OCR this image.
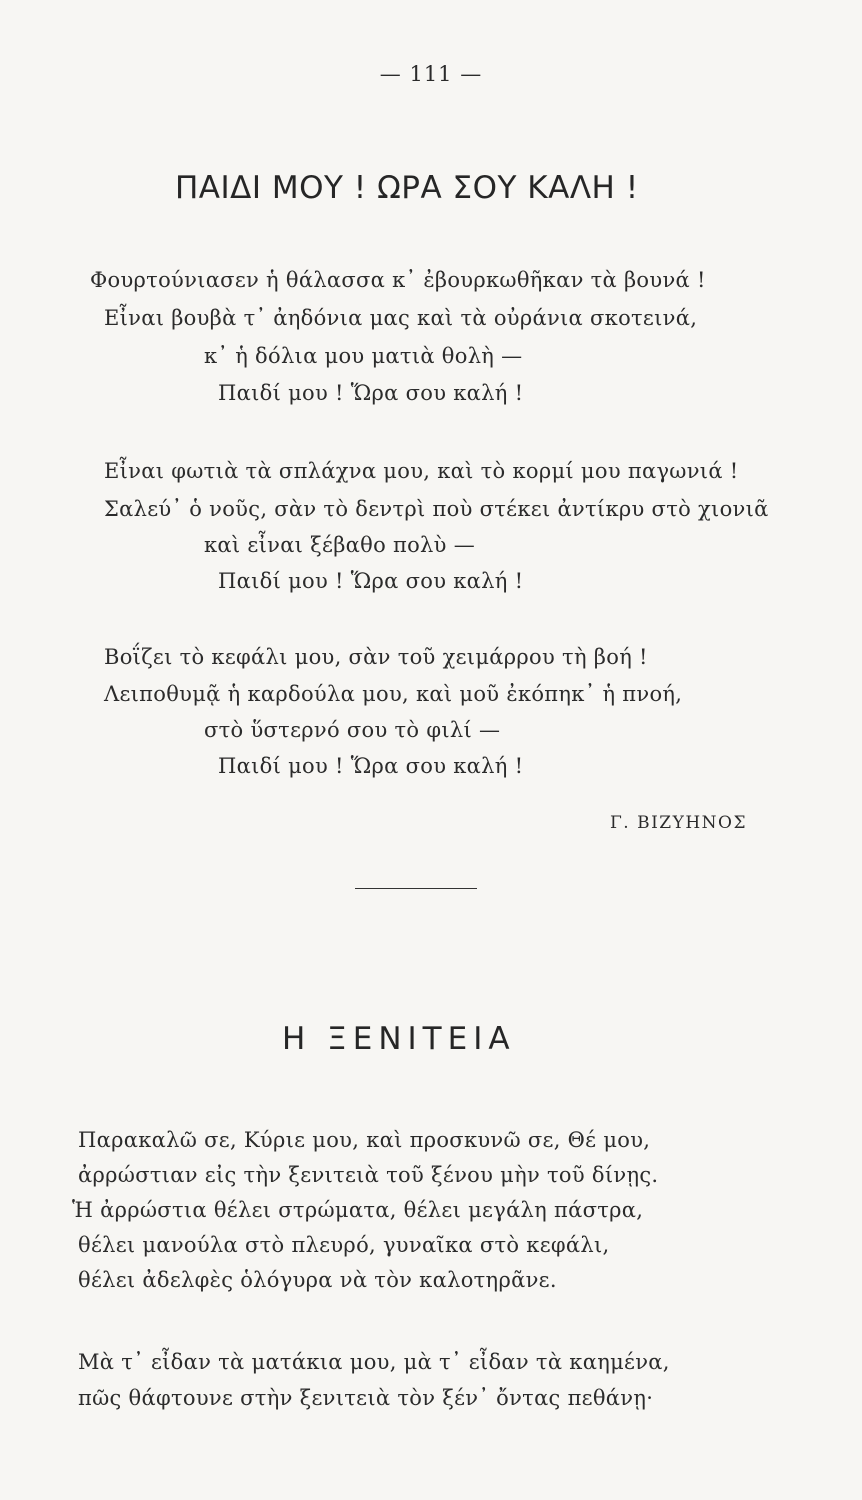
— 111 —
ΠΑΙΔΙ ΜΟΥ ! ΩΡΑ ΣΟΥ ΚΑΛΗ !
Φουρτούνιασεν ἡ θάλασσα κ᾿ ἐβουρκωθῆκαν τὰ βουνά !
Εἶναι βουβὰ τ᾿ ἀηδόνια μας καὶ τὰ οὐράνια σκοτεινά,
κ᾿ ἡ δόλια μου ματιὰ θολὴ —
Παιδί μου ! Ὥρα σου καλή !
Εἶναι φωτιὰ τὰ σπλάχνα μου, καὶ τὸ κορμί μου παγωνιά !
Σαλεύ᾿ ὁ νοῦς, σὰν τὸ δεντρὶ ποὺ στέκει ἀντίκρυ στὸ χιονιᾶ
καὶ εἶναι ξέβαθο πολὺ —
Παιδί μου ! Ὥρα σου καλή !
Βοΐζει τὸ κεφάλι μου, σὰν τοῦ χειμάρρου τὴ βοή !
Λειποθυμᾷ ἡ καρδούλα μου, καὶ μοῦ ἐκόπηκ᾿ ἡ πνοή,
στὸ ὕστερνό σου τὸ φιλί —
Παιδί μου ! Ὥρα σου καλή !
Γ. ΒΙΖΥΗΝΟΣ
Η ΞΕΝΙΤΕΙΑ
Παρακαλῶ σε, Κύριε μου, καὶ προσκυνῶ σε, Θέ μου,
ἀρρώστιαν εἰς τὴν ξενιτειὰ τοῦ ξένου μὴν τοῦ δίνῃς.
Ἡ ἀρρώστια θέλει στρώματα, θέλει μεγάλη πάστρα,
θέλει μανούλα στὸ πλευρό, γυναῖκα στὸ κεφάλι,
θέλει ἀδελφὲς ὁλόγυρα νὰ τὸν καλοτηρᾶνε.
Μὰ τ᾿ εἶδαν τὰ ματάκια μου, μὰ τ᾿ εἶδαν τὰ καημένα,
πῶς θάφτουνε στὴν ξενιτειὰ τὸν ξέν᾿ ὄντας πεθάνῃ·
